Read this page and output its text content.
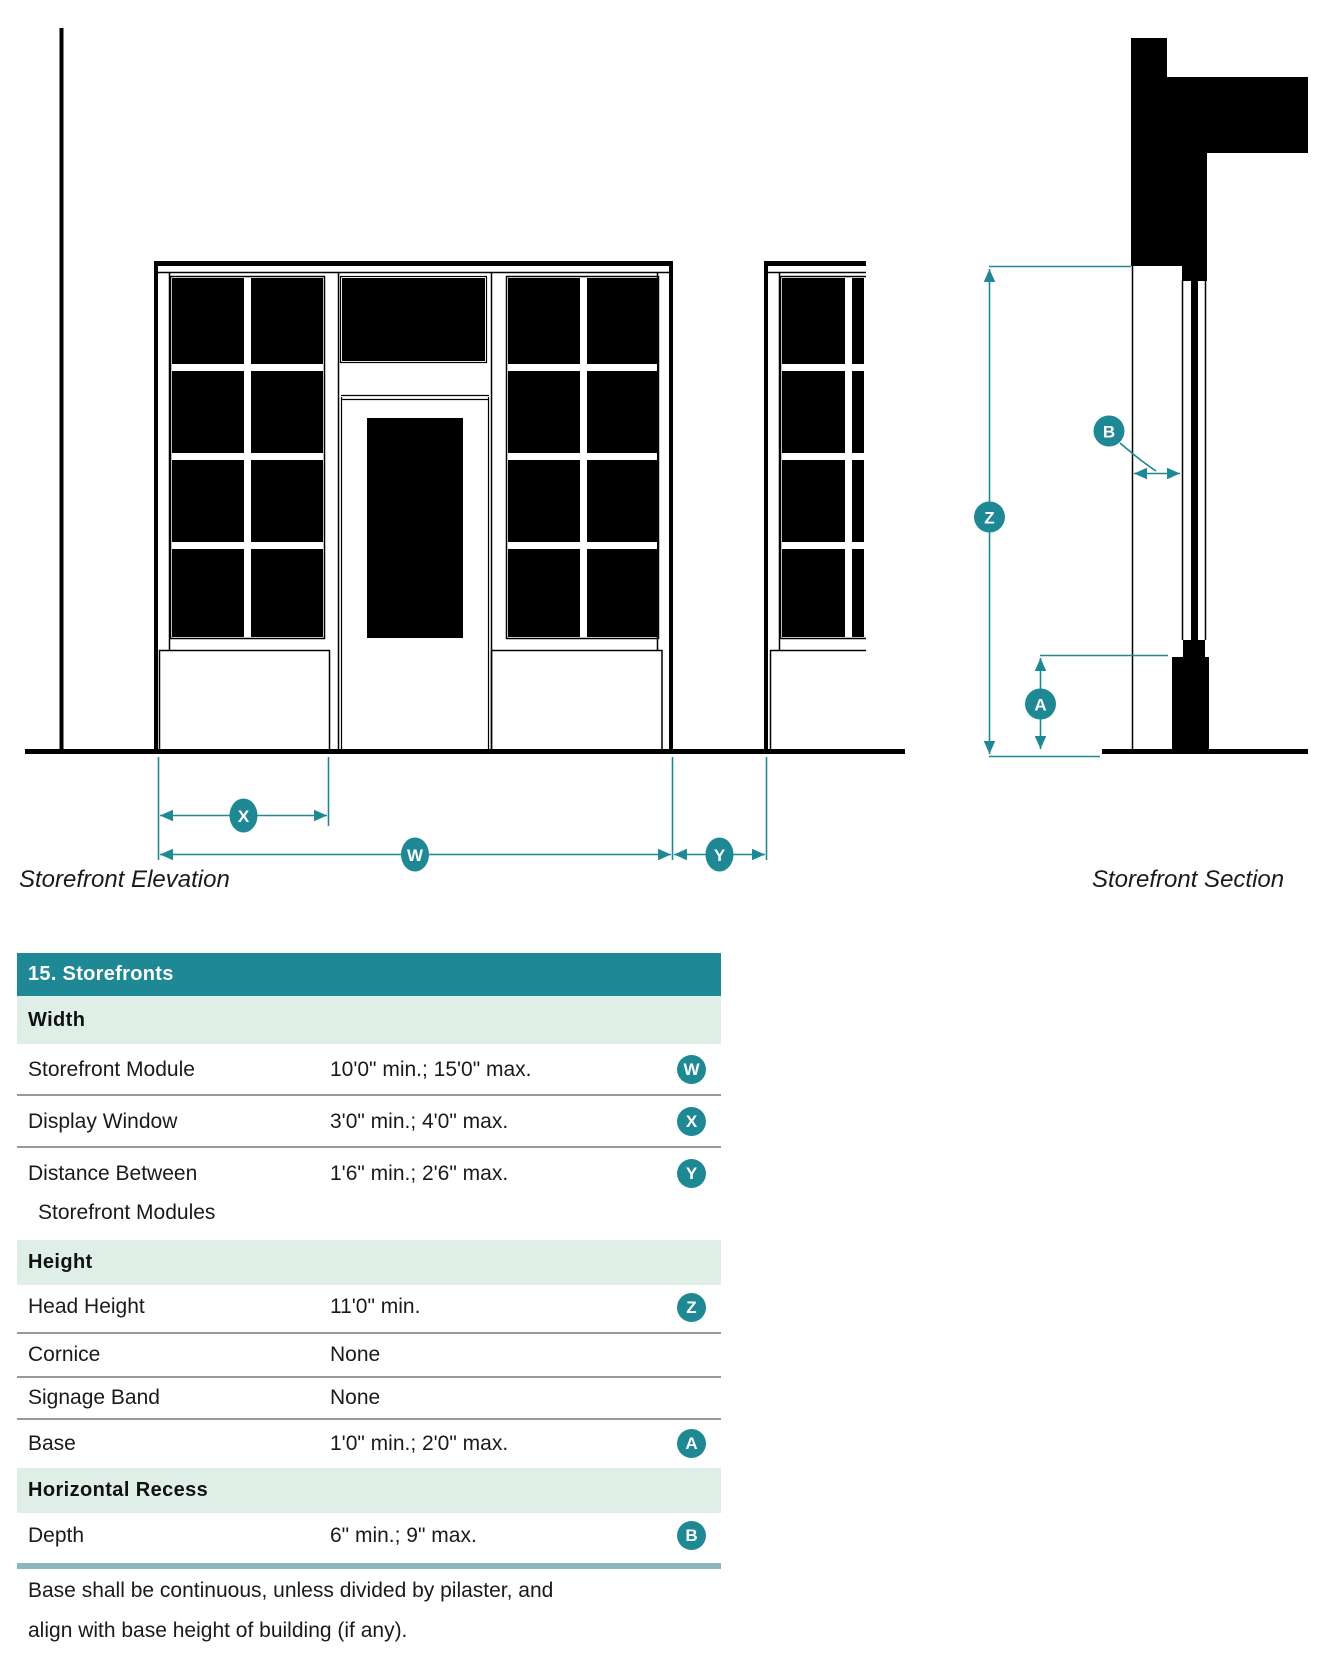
X
W	Y
Z
B
A
Storefront Elevation	Storefront Section
15. Storefronts
Width
Storefront Module	10'0" min.; 15'0" max.	W
Display Window	3'0" min.; 4'0" max.	X
Distance Between
Storefront Modules
1'6" min.; 2'6" max.	Y
Height
Head Height	11'0" min.	Z
Cornice	None
Signage Band	None
Base	1'0" min.; 2'0" max.	A
Horizontal Recess
Depth	6" min.; 9" max.	B
Base shall be continuous, unless divided by pilaster, and
align with base height of building (if any).
